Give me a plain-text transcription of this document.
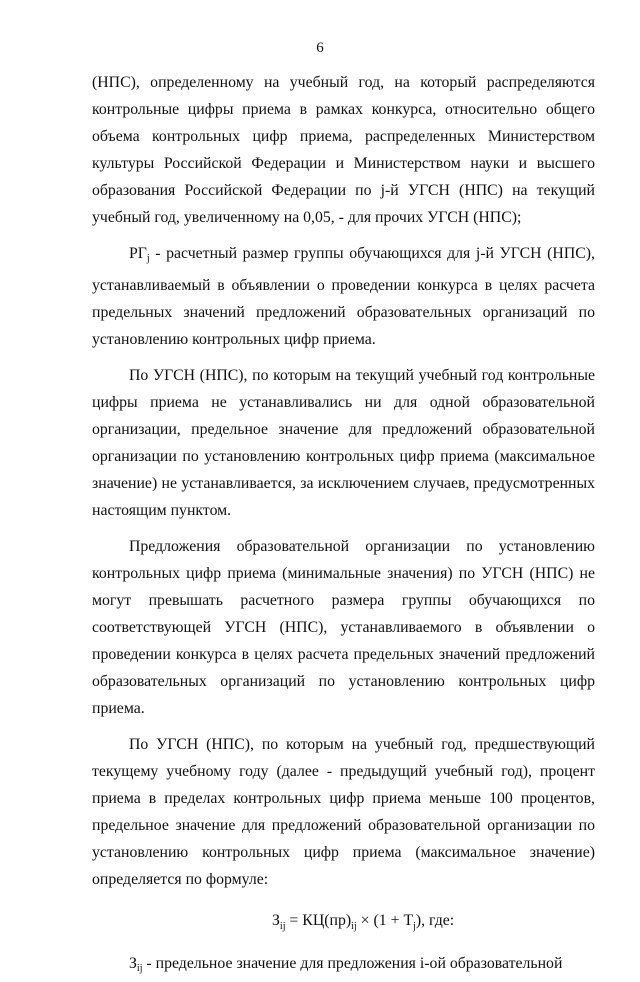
6

(НПС), определенному на учебный год, на который распределяются контрольные цифры приема в рамках конкурса, относительно общего объема контрольных цифр приема, распределенных Министерством культуры Российской Федерации и Министерством науки и высшего образования Российской Федерации по j-й УГСН (НПС) на текущий учебный год, увеличенному на 0,05, - для прочих УГСН (НПС);

$РГ_j$ - расчетный размер группы обучающихся для j-й УГСН (НПС), устанавливаемый в объявлении о проведении конкурса в целях расчета предельных значений предложений образовательных организаций по установлению контрольных цифр приема.

По УГСН (НПС), по которым на текущий учебный год контрольные цифры приема не устанавливались ни для одной образовательной организации, предельное значение для предложений образовательной организации по установлению контрольных цифр приема (максимальное значение) не устанавливается, за исключением случаев, предусмотренных настоящим пунктом.

Предложения образовательной организации по установлению контрольных цифр приема (минимальные значения) по УГСН (НПС) не могут превышать расчетного размера группы обучающихся по соответствующей УГСН (НПС), устанавливаемого в объявлении о проведении конкурса в целях расчета предельных значений предложений образовательных организаций по установлению контрольных цифр приема.

По УГСН (НПС), по которым на учебный год, предшествующий текущему учебному году (далее - предыдущий учебный год), процент приема в пределах контрольных цифр приема меньше 100 процентов, предельное значение для предложений образовательной организации по установлению контрольных цифр приема (максимальное значение) определяется по формуле:

$З_{ij} = КЦ(пр)_{ij} \times (1 + Т_j)$, где:

$З_{ij}$ - предельное значение для предложения i-ой образовательной
